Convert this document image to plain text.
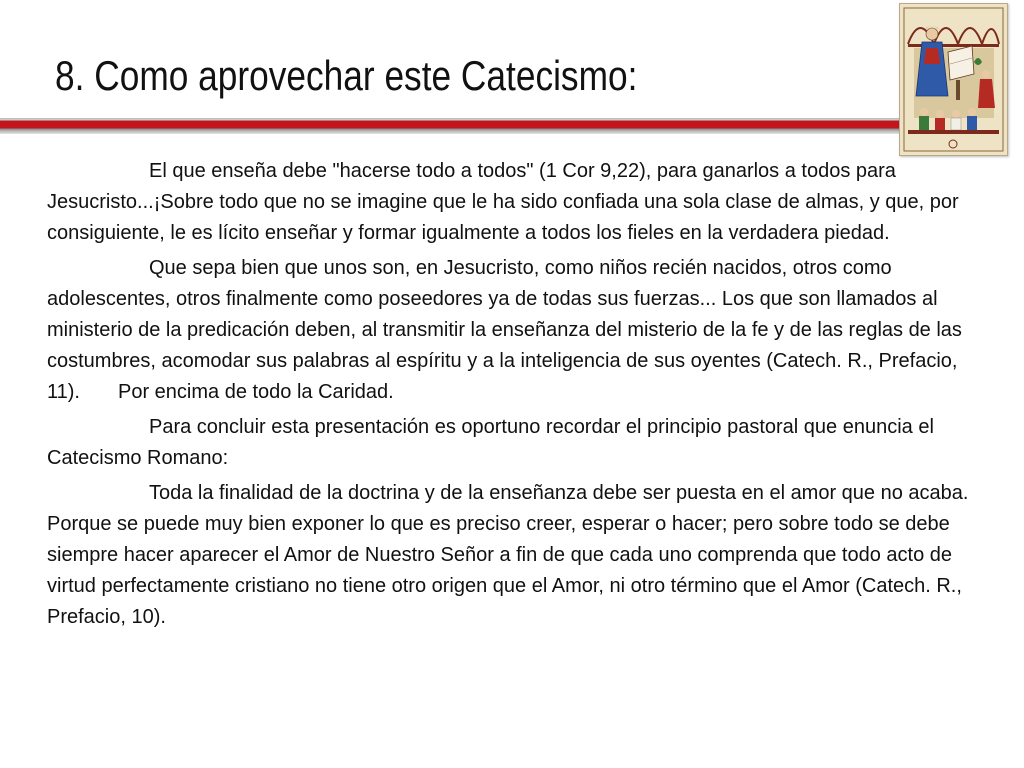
8. Como aprovechar este Catecismo:

El que enseña debe "hacerse todo a todos" (1 Cor 9,22), para ganarlos a todos para Jesucristo...¡Sobre todo que no se imagine que le ha sido confiada una sola clase de almas, y que, por consiguiente, le es lícito enseñar y formar igualmente a todos los fieles en la verdadera piedad.

Que sepa bien que unos son, en Jesucristo, como niños recién nacidos, otros como adolescentes, otros finalmente como poseedores ya de todas sus fuerzas... Los que son llamados al ministerio de la predicación deben, al transmitir la enseñanza del misterio de la fe y de las reglas de las costumbres, acomodar sus palabras al espíritu y a la inteligencia de sus oyentes (Catech. R., Prefacio, 11). Por encima de todo la Caridad.

Para concluir esta presentación es oportuno recordar el principio pastoral que enuncia el Catecismo Romano:

Toda la finalidad de la doctrina y de la enseñanza debe ser puesta en el amor que no acaba. Porque se puede muy bien exponer lo que es preciso creer, esperar o hacer; pero sobre todo se debe siempre hacer aparecer el Amor de Nuestro Señor a fin de que cada uno comprenda que todo acto de virtud perfectamente cristiano no tiene otro origen que el Amor, ni otro término que el Amor (Catech. R., Prefacio, 10).
